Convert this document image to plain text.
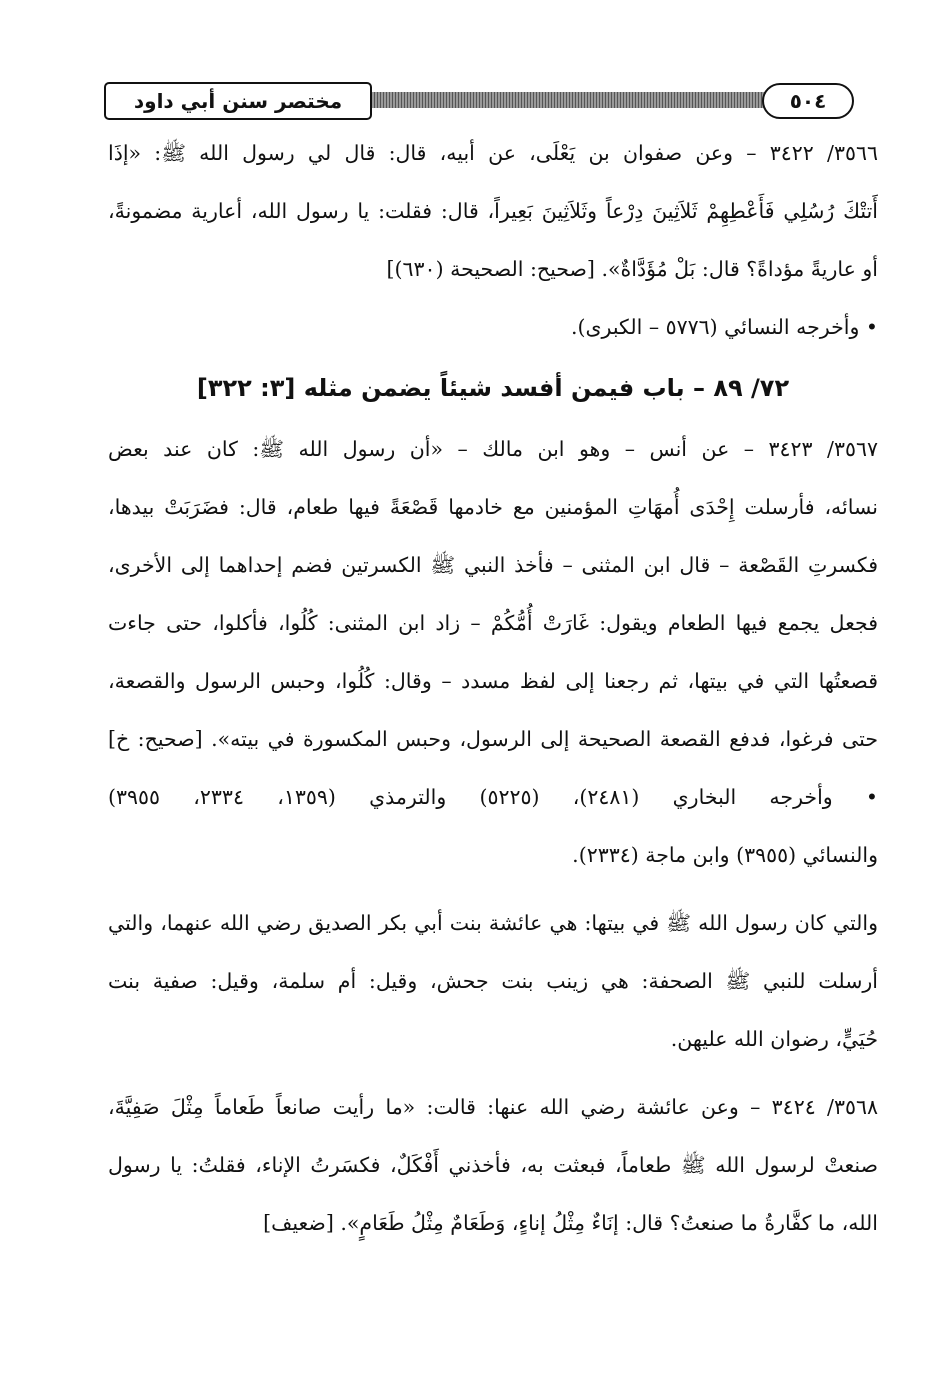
مختصر سنن أبي داود	٥٠٤
٣٥٦٦/ ٣٤٢٢ – وعن صفوان بن يَعْلَى، عن أبيه، قال: قال لي رسول الله ﷺ: «إذَا
أَتتْكَ رُسُلِي فَأَعْطِهِمْ ثَلاَثِينَ دِرْعاً وثَلاَثِينَ بَعِيراً، قال: فقلت: يا رسول الله، أعارية مضمونةً،
أو عاريةً مؤداةً؟ قال: بَلْ مُؤَدَّاةٌ». [صحيح: الصحيحة (٦٣٠)]
• وأخرجه النسائي (٥٧٧٦ – الكبرى).
٧٢/ ٨٩ – باب فيمن أفسد شيئاً يضمن مثله [٣: ٣٢٢]
٣٥٦٧/ ٣٤٢٣ – عن أنس – وهو ابن مالك – «أن رسول الله ﷺ: كان عند بعض
نسائه، فأرسلت إِحْدَى أُمهَاتِ المؤمنين مع خادمها قَصْعَةً فيها طعام، قال: فضَرَبَتْ بيدها،
فكسرتِ القَصْعة – قال ابن المثنى – فأخذ النبي ﷺ الكسرتين فضم إحداهما إلى الأخرى،
فجعل يجمع فيها الطعام ويقول: غَارَتْ أُمُّكُمْ – زاد ابن المثنى: كُلُوا، فأكلوا، حتى جاءت
قصعتُها التي في بيتها، ثم رجعنا إلى لفظ مسدد – وقال: كُلُوا، وحبس الرسول والقصعة،
حتى فرغوا، فدفع القصعة الصحيحة إلى الرسول، وحبس المكسورة في بيته». [صحيح: خ]
• وأخرجه البخاري (٢٤٨١)، (٥٢٢٥) والترمذي (١٣٥٩، ٢٣٣٤، ٣٩٥٥)
والنسائي (٣٩٥٥) وابن ماجة (٢٣٣٤).
والتي كان رسول الله ﷺ في بيتها: هي عائشة بنت أبي بكر الصديق رضي الله عنهما، والتي
أرسلت للنبي ﷺ الصحفة: هي زينب بنت جحش، وقيل: أم سلمة، وقيل: صفية بنت
حُيَيٍّ، رضوان الله عليهن.
٣٥٦٨/ ٣٤٢٤ – وعن عائشة رضي الله عنها: قالت: «ما رأيت صانعاً طَعاماً مِثْلَ صَفِيَّةَ،
صنعتْ لرسول الله ﷺ طعاماً، فبعثت به، فأخذني أَفْكَلٌ، فكسَرتُ الإناء، فقلتُ: يا رسول
الله، ما كفَّارةُ ما صنعتُ؟ قال: إنَاءٌ مِثْلُ إناءٍ، وَطَعَامٌ مِثْلُ طَعَامٍ». [ضعيف]
